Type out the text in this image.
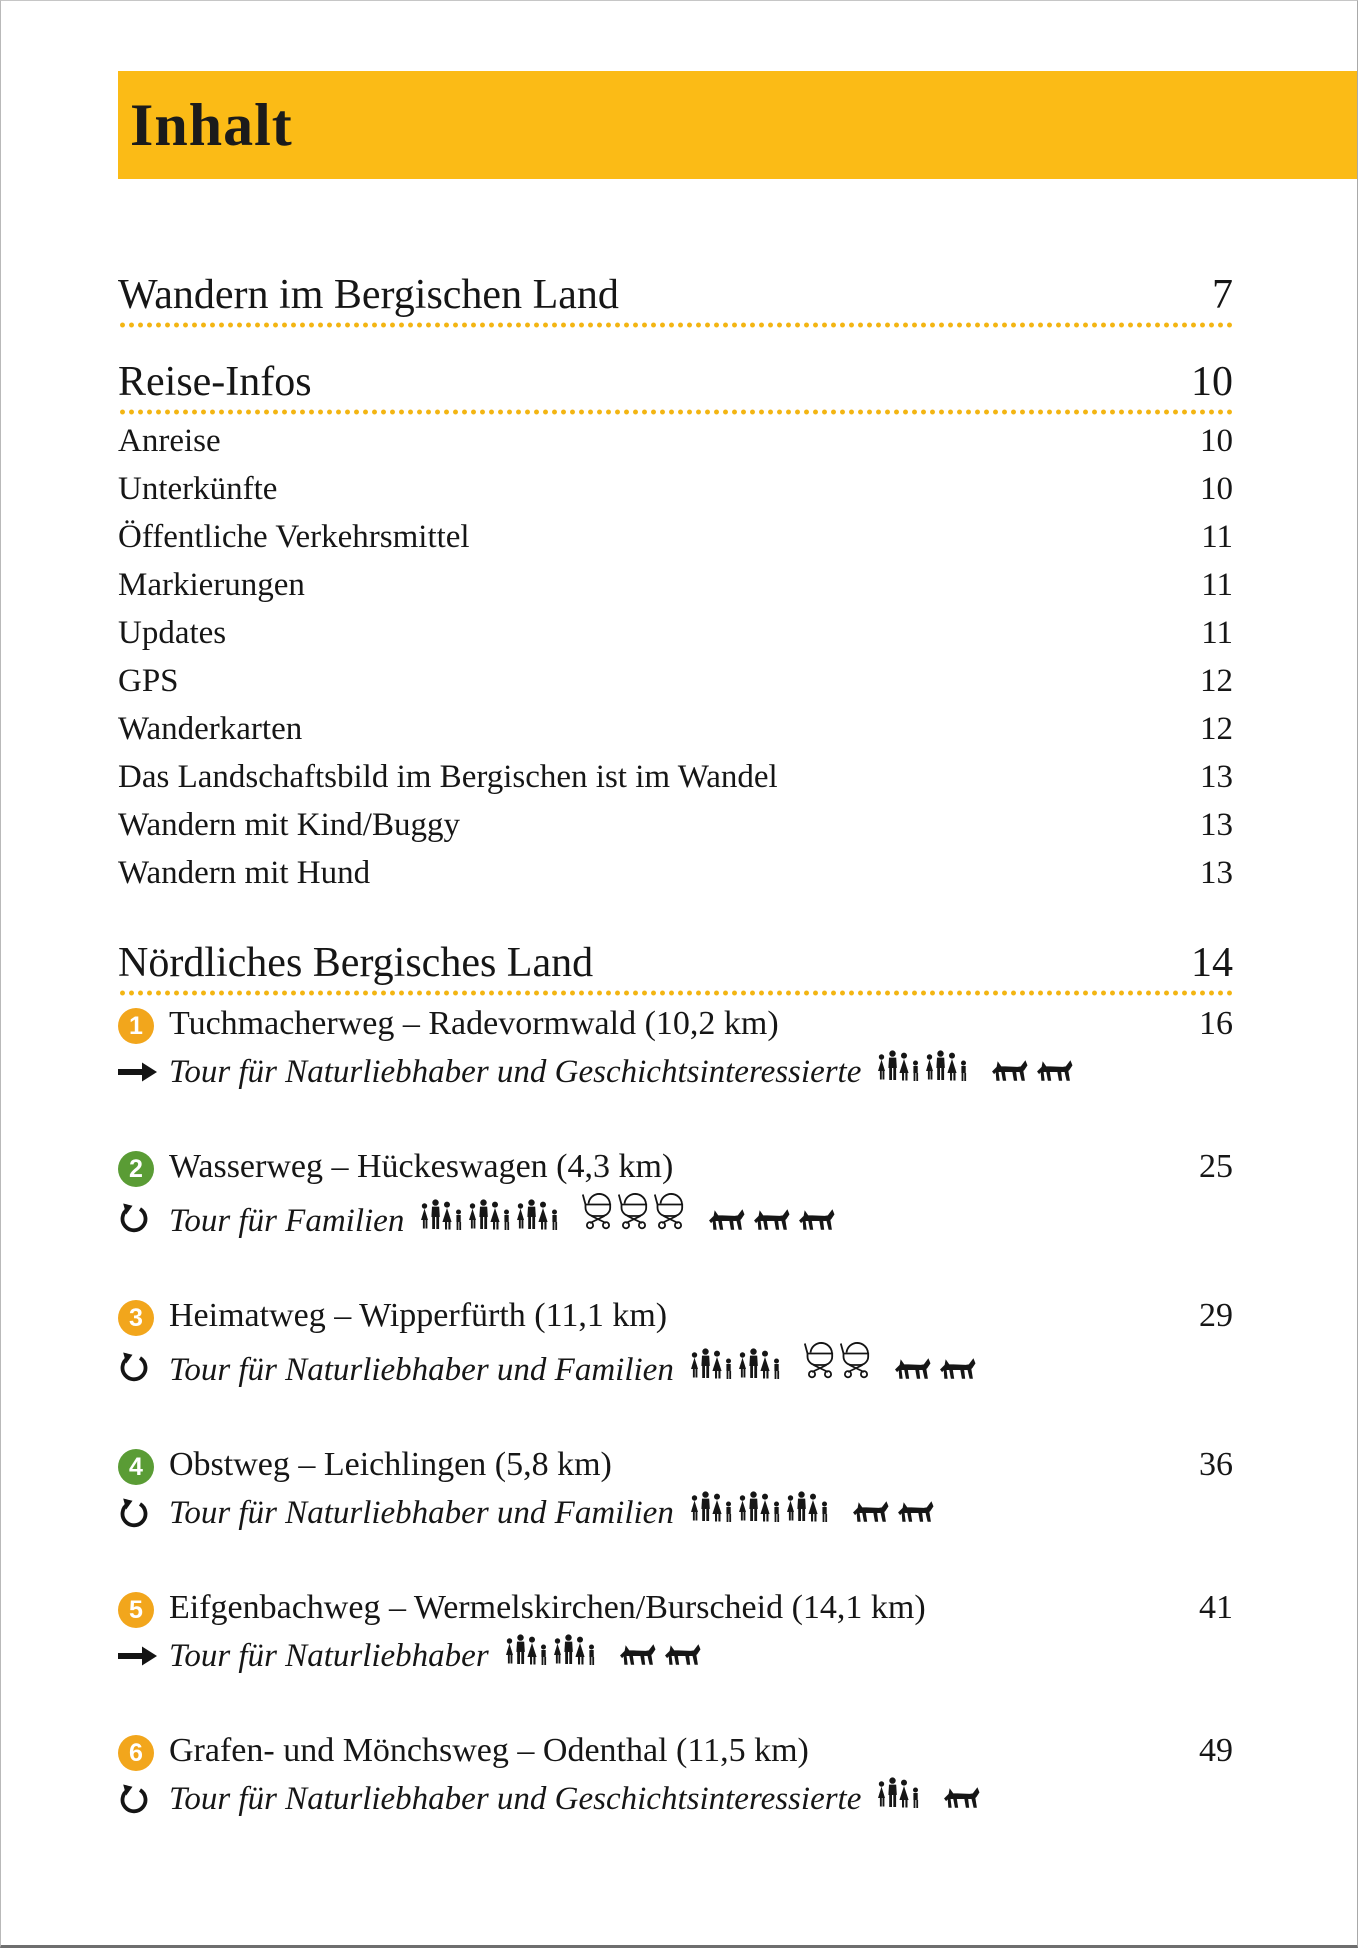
Inhalt
Wandern im Bergischen Land	7
Reise-Infos	10
Anreise	10
Unterkünfte	10
Öffentliche Verkehrsmittel	11
Markierungen	11
Updates	11
GPS	12
Wanderkarten	12
Das Landschaftsbild im Bergischen ist im Wandel	13
Wandern mit Kind/Buggy	13
Wandern mit Hund	13
Nördliches Bergisches Land	14
1 Tuchmacherweg – Radevormwald (10,2 km)	16
Tour für Naturliebhaber und Geschichtsinteressierte
2 Wasserweg – Hückeswagen (4,3 km)	25
Tour für Familien
3 Heimatweg – Wipperfürth (11,1 km)	29
Tour für Naturliebhaber und Familien
4 Obstweg – Leichlingen (5,8 km)	36
Tour für Naturliebhaber und Familien
5 Eifgenbachweg – Wermelskirchen/Burscheid (14,1 km)	41
Tour für Naturliebhaber
6 Grafen- und Mönchsweg – Odenthal (11,5 km)	49
Tour für Naturliebhaber und Geschichtsinteressierte
